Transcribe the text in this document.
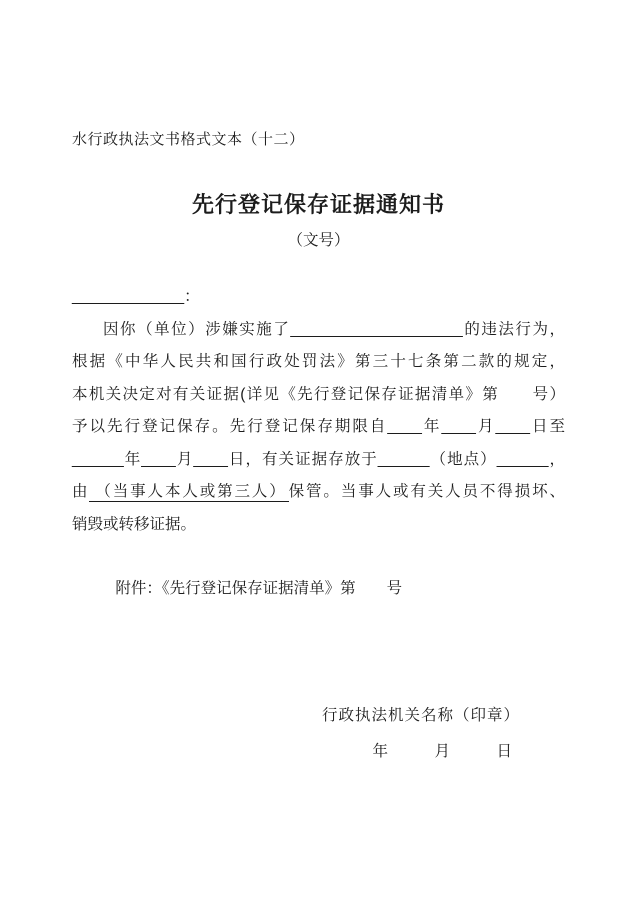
水行政执法文书格式文本（十二）
先行登记保存证据通知书
（文号）
_____________：
因你（单位）涉嫌实施了____________________的违法行为，
根据《中华人民共和国行政处罚法》第三十七条第二款的规定，
本机关决定对有关证据(详见《先行登记保存证据清单》第　　号）
予以先行登记保存。先行登记保存期限自____年____月____日至
______年____月____日，有关证据存放于______（地点）______，
由 （当事人本人或第三人） 保管。当事人或有关人员不得损坏、
销毁或转移证据。
附件：《先行登记保存证据清单》第　　号
行政执法机关名称（印章）
年　　　月　　　日
